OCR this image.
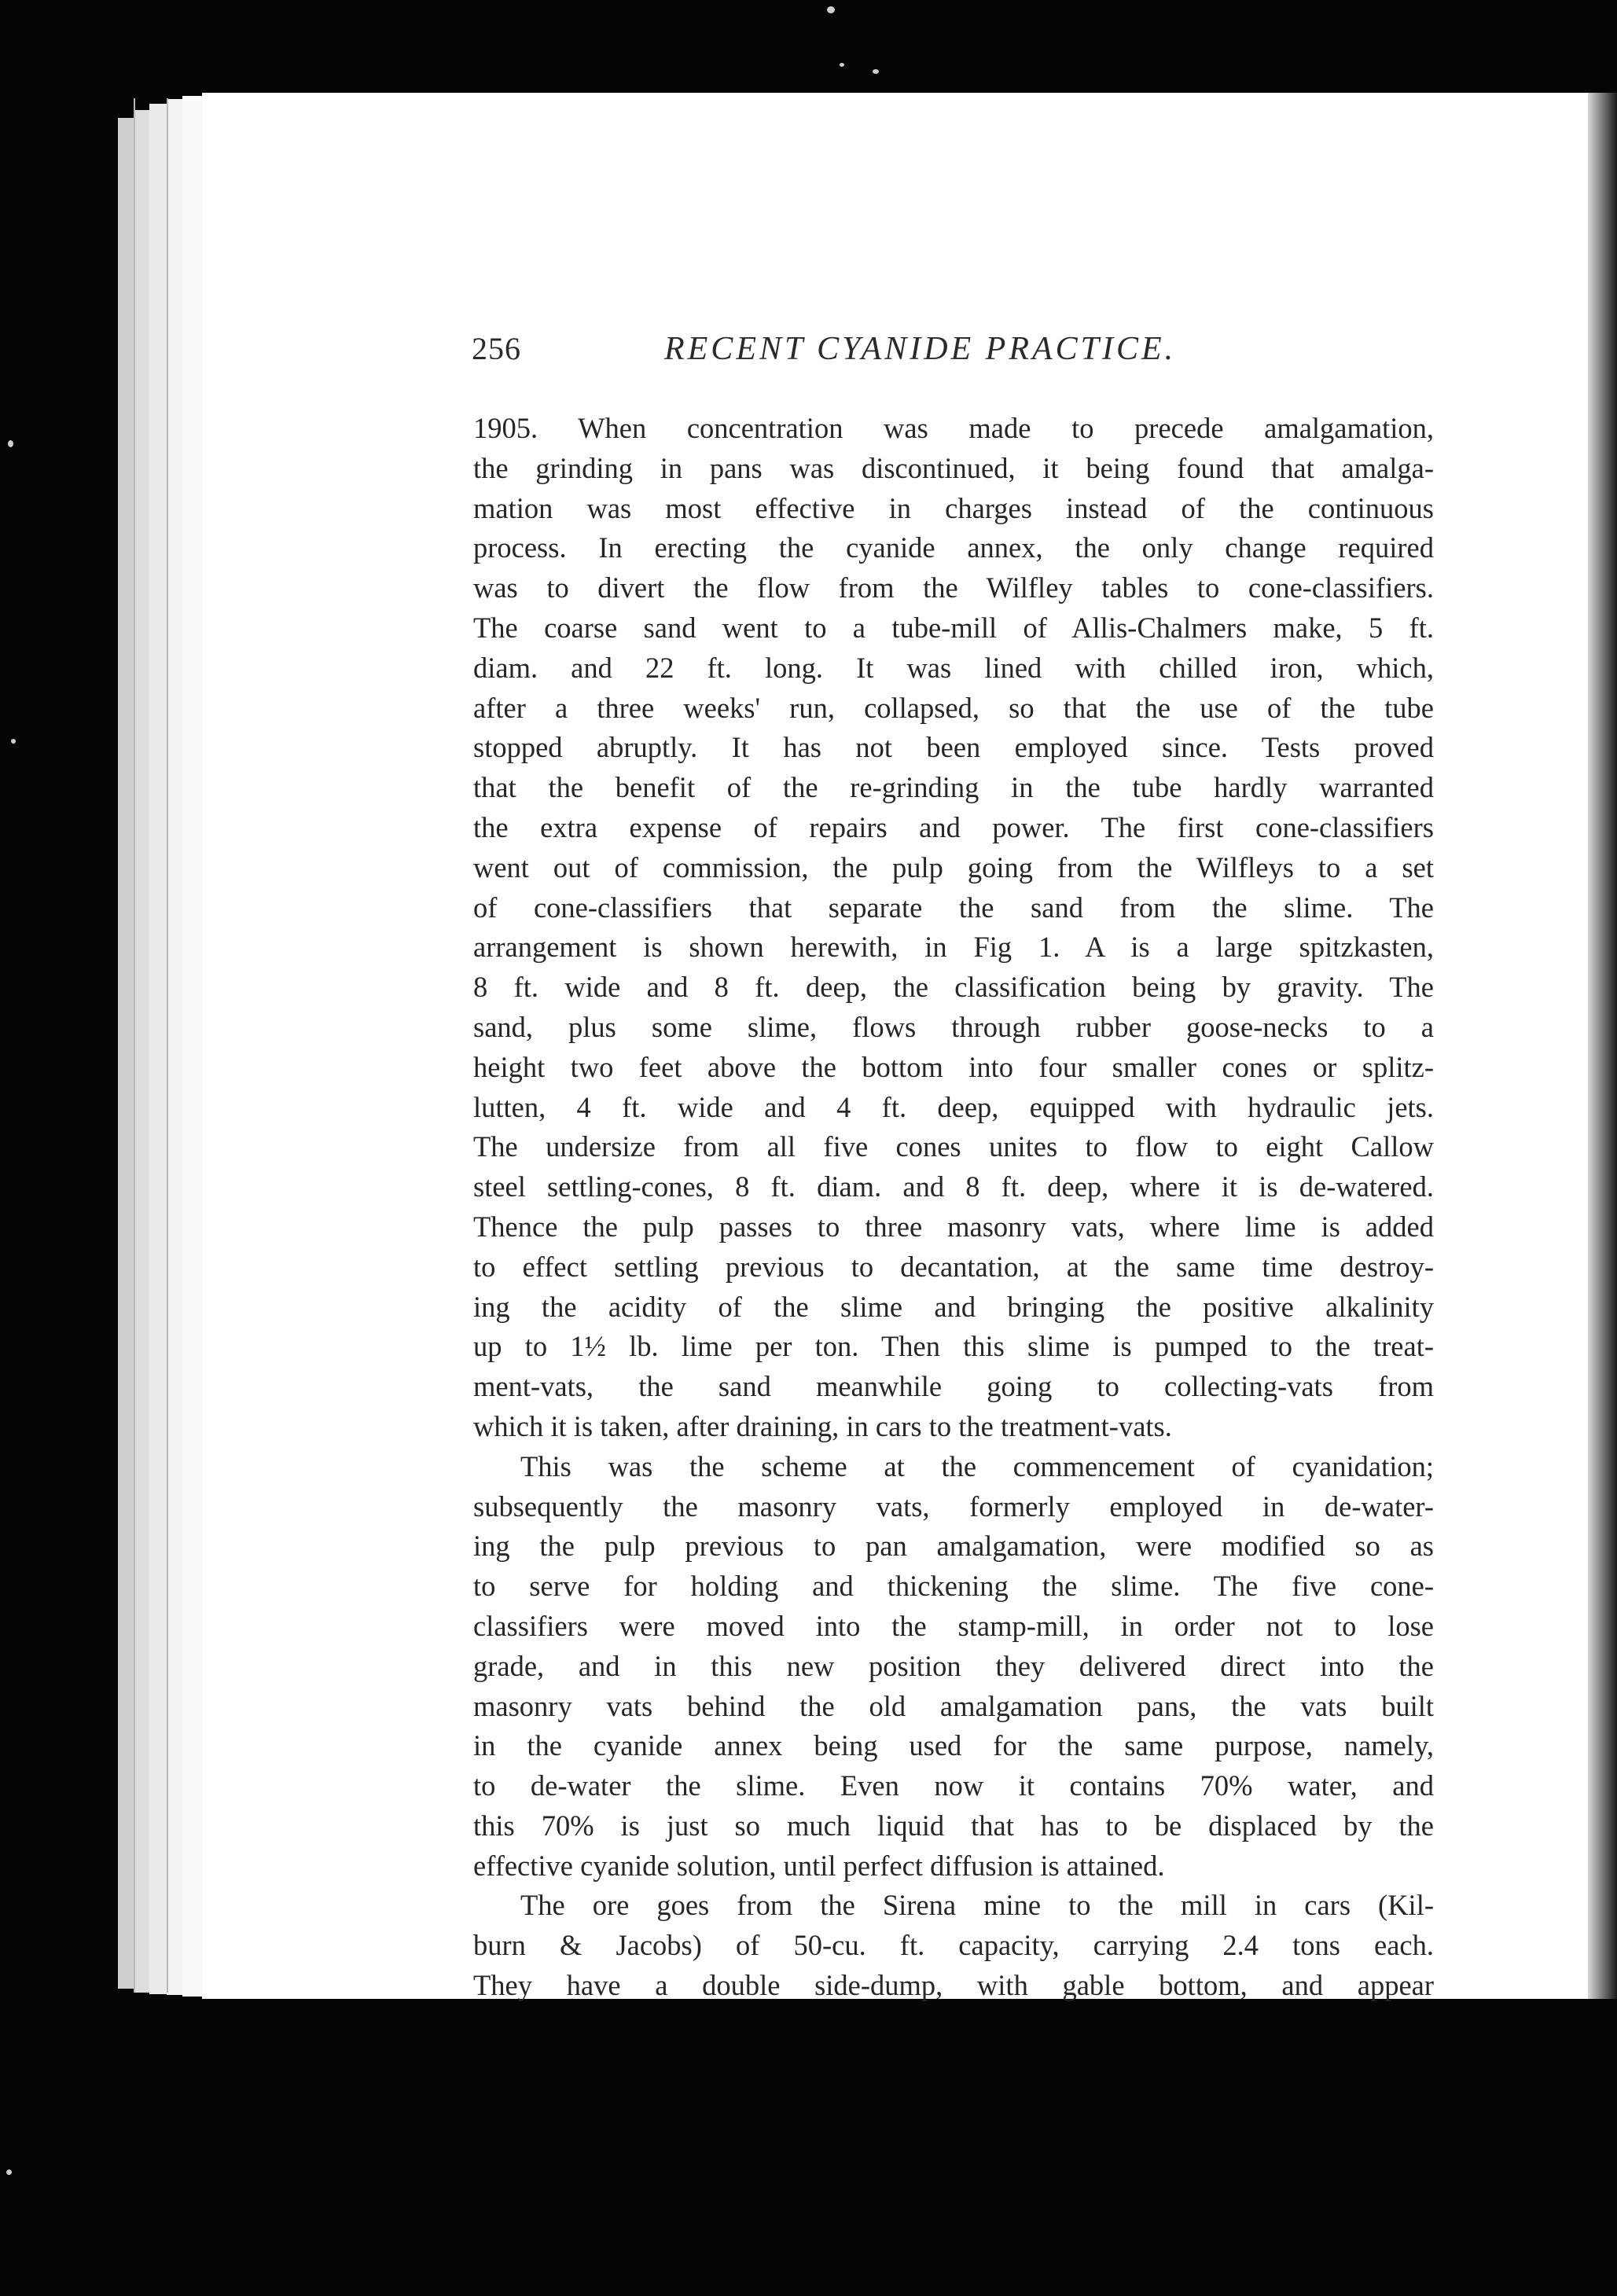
256	RECENT CYANIDE PRACTICE.
1905. When concentration was made to precede amalgamation,
the grinding in pans was discontinued, it being found that amalga-
mation was most effective in charges instead of the continuous
process. In erecting the cyanide annex, the only change required
was to divert the flow from the Wilfley tables to cone-classifiers.
The coarse sand went to a tube-mill of Allis-Chalmers make, 5 ft.
diam. and 22 ft. long. It was lined with chilled iron, which,
after a three weeks' run, collapsed, so that the use of the tube
stopped abruptly. It has not been employed since. Tests proved
that the benefit of the re-grinding in the tube hardly warranted
the extra expense of repairs and power. The first cone-classifiers
went out of commission, the pulp going from the Wilfleys to a set
of cone-classifiers that separate the sand from the slime. The
arrangement is shown herewith, in Fig 1. A is a large spitzkasten,
8 ft. wide and 8 ft. deep, the classification being by gravity. The
sand, plus some slime, flows through rubber goose-necks to a
height two feet above the bottom into four smaller cones or splitz-
lutten, 4 ft. wide and 4 ft. deep, equipped with hydraulic jets.
The undersize from all five cones unites to flow to eight Callow
steel settling-cones, 8 ft. diam. and 8 ft. deep, where it is de-watered.
Thence the pulp passes to three masonry vats, where lime is added
to effect settling previous to decantation, at the same time destroy-
ing the acidity of the slime and bringing the positive alkalinity
up to 1½ lb. lime per ton. Then this slime is pumped to the treat-
ment-vats, the sand meanwhile going to collecting-vats from
which it is taken, after draining, in cars to the treatment-vats.
This was the scheme at the commencement of cyanidation;
subsequently the masonry vats, formerly employed in de-water-
ing the pulp previous to pan amalgamation, were modified so as
to serve for holding and thickening the slime. The five cone-
classifiers were moved into the stamp-mill, in order not to lose
grade, and in this new position they delivered direct into the
masonry vats behind the old amalgamation pans, the vats built
in the cyanide annex being used for the same purpose, namely,
to de-water the slime. Even now it contains 70% water, and
this 70% is just so much liquid that has to be displaced by the
effective cyanide solution, until perfect diffusion is attained.
The ore goes from the Sirena mine to the mill in cars (Kil-
burn & Jacobs) of 50-cu. ft. capacity, carrying 2.4 tons each.
They have a double side-dump, with gable bottom, and appear
